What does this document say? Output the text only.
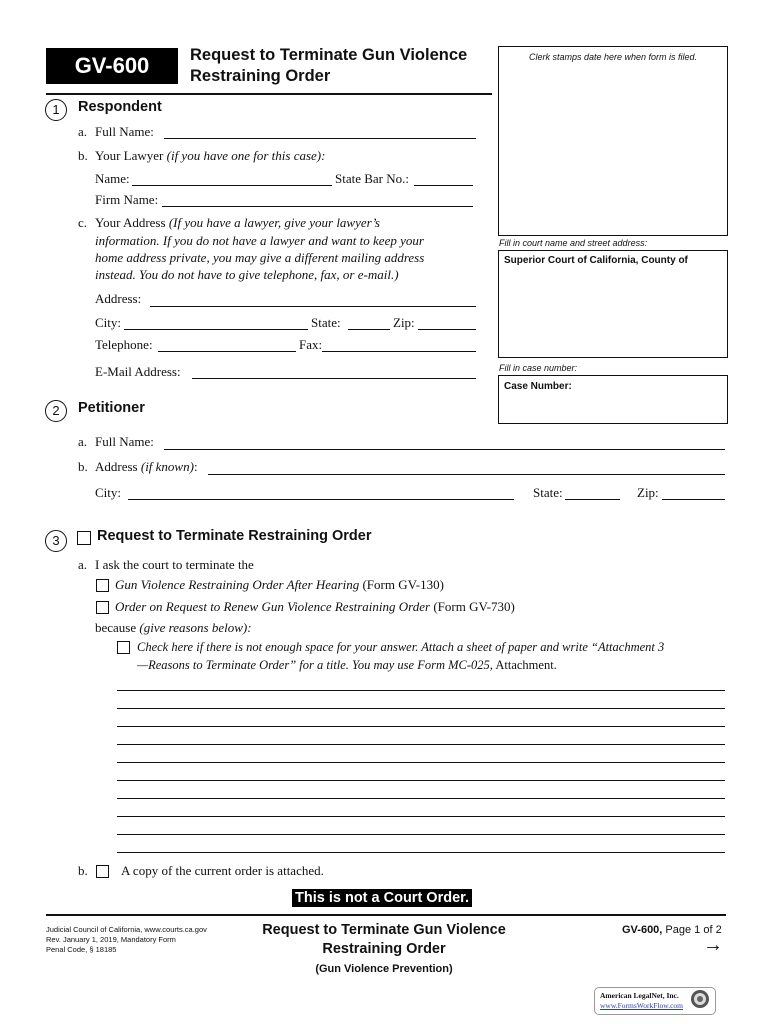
GV-600	Request to Terminate Gun Violence
Restraining Order
Clerk stamps date here when form is filed.
Fill in court name and street address:
Superior Court of California, County of
Fill in case number:
Case Number:
1	Respondent
a. Full Name:
b. Your Lawyer (if you have one for this case):
Name:	State Bar No.:
Firm Name:
c. Your Address (If you have a lawyer, give your lawyer’s
information. If you do not have a lawyer and want to keep your
home address private, you may give a different mailing address
instead. You do not have to give telephone, fax, or e-mail.)
Address:
City:	State:	Zip:
Telephone:	Fax:
E-Mail Address:
2	Petitioner
a. Full Name:
b. Address (if known):
City:	State:	Zip:
3	Request to Terminate Restraining Order
a. I ask the court to terminate the
Gun Violence Restraining Order After Hearing (Form GV-130)
Order on Request to Renew Gun Violence Restraining Order (Form GV-730)
because (give reasons below):
Check here if there is not enough space for your answer. Attach a sheet of paper and write “Attachment 3
—Reasons to Terminate Order” for a title. You may use Form MC-025, Attachment.
b.	A copy of the current order is attached.
This is not a Court Order.
Judicial Council of California, www.courts.ca.gov
Rev. January 1, 2019, Mandatory Form
Penal Code, § 18185
Request to Terminate Gun Violence
Restraining Order
(Gun Violence Prevention)
GV-600, Page 1 of 2
→
American LegalNet, Inc.
www.FormsWorkFlow.com
